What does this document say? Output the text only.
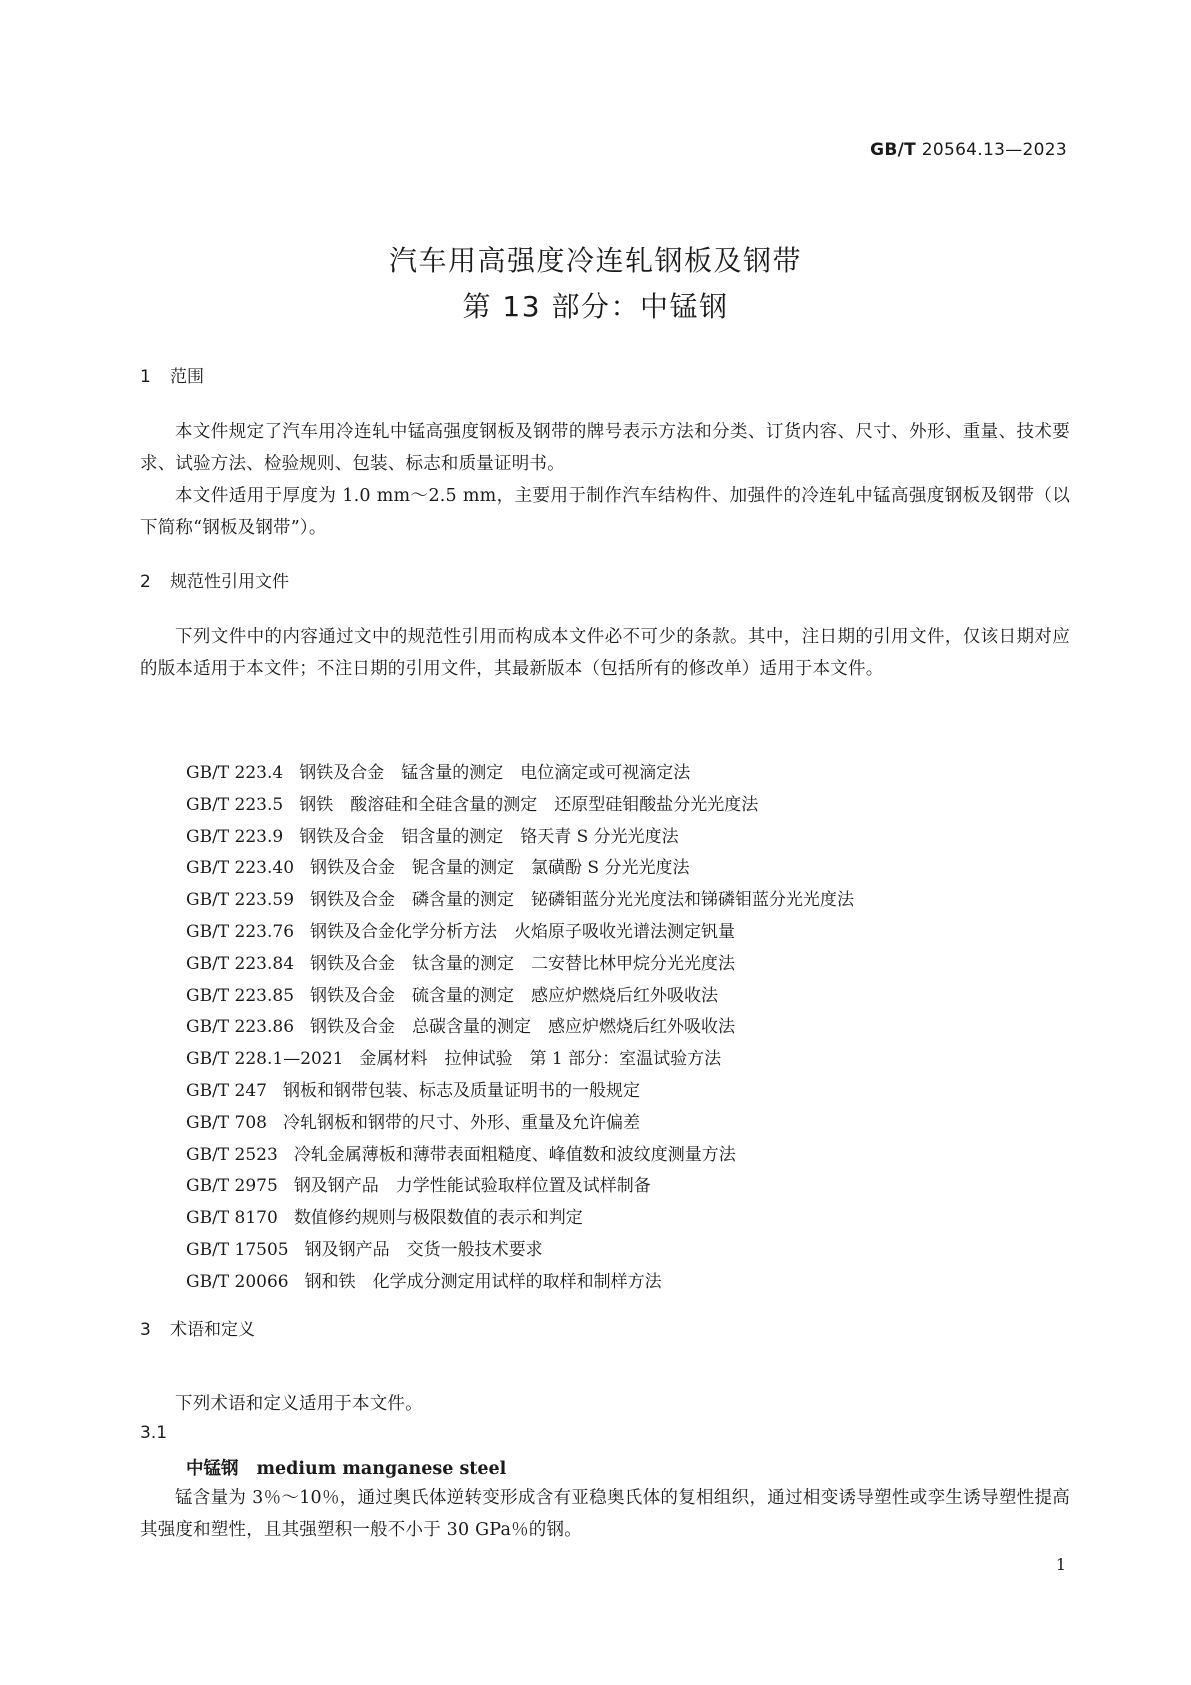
GB/T 20564.13—2023
汽车用高强度冷连轧钢板及钢带
第 13 部分：中锰钢
1 范围
本文件规定了汽车用冷连轧中锰高强度钢板及钢带的牌号表示方法和分类、订货内容、尺寸、外形、重量、技术要求、试验方法、检验规则、包装、标志和质量证明书。
本文件适用于厚度为 1.0 mm～2.5 mm，主要用于制作汽车结构件、加强件的冷连轧中锰高强度钢板及钢带（以下简称“钢板及钢带”）。
2 规范性引用文件
下列文件中的内容通过文中的规范性引用而构成本文件必不可少的条款。其中，注日期的引用文件，仅该日期对应的版本适用于本文件；不注日期的引用文件，其最新版本（包括所有的修改单）适用于本文件。
GB/T 223.4 钢铁及合金　锰含量的测定　电位滴定或可视滴定法
GB/T 223.5 钢铁　酸溶硅和全硅含量的测定　还原型硅钼酸盐分光光度法
GB/T 223.9 钢铁及合金　铝含量的测定　铬天青 S 分光光度法
GB/T 223.40 钢铁及合金　铌含量的测定　氯磺酚 S 分光光度法
GB/T 223.59 钢铁及合金　磷含量的测定　铋磷钼蓝分光光度法和锑磷钼蓝分光光度法
GB/T 223.76 钢铁及合金化学分析方法　火焰原子吸收光谱法测定钒量
GB/T 223.84 钢铁及合金　钛含量的测定　二安替比林甲烷分光光度法
GB/T 223.85 钢铁及合金　硫含量的测定　感应炉燃烧后红外吸收法
GB/T 223.86 钢铁及合金　总碳含量的测定　感应炉燃烧后红外吸收法
GB/T 228.1—2021 金属材料　拉伸试验　第 1 部分：室温试验方法
GB/T 247 钢板和钢带包装、标志及质量证明书的一般规定
GB/T 708 冷轧钢板和钢带的尺寸、外形、重量及允许偏差
GB/T 2523 冷轧金属薄板和薄带表面粗糙度、峰值数和波纹度测量方法
GB/T 2975 钢及钢产品　力学性能试验取样位置及试样制备
GB/T 8170 数值修约规则与极限数值的表示和判定
GB/T 17505 钢及钢产品　交货一般技术要求
GB/T 20066 钢和铁　化学成分测定用试样的取样和制样方法
3 术语和定义
下列术语和定义适用于本文件。
3.1
中锰钢 medium manganese steel
锰含量为 3％～10％，通过奥氏体逆转变形成含有亚稳奥氏体的复相组织，通过相变诱导塑性或孪生诱导塑性提高其强度和塑性，且其强塑积一般不小于 30 GPa％的钢。
1
